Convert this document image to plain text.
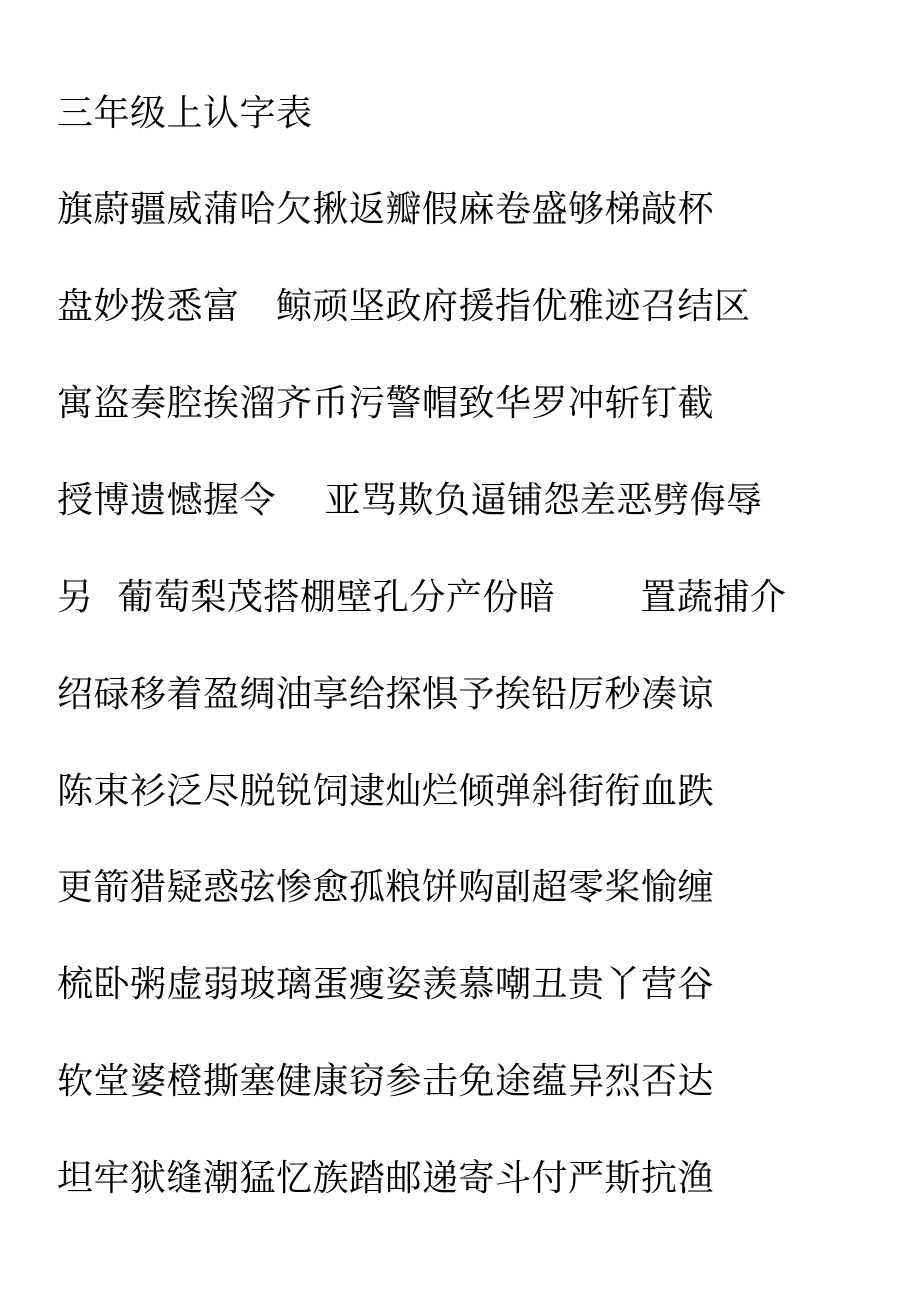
三年级上认字表

旗蔚疆威蒲哈欠揪返瓣假麻卷盛够梯敲杯

盘妙拨悉富　鲸顽坚政府援指优雅迹召结区

寓盗奏腔挨溜齐币污警帽致华罗冲斩钉截

授博遗憾握令　 亚骂欺负逼铺怨差恶劈侮辱

另  葡萄梨茂搭棚壁孔分产份暗　　 置蔬捕介

绍碌移着盈绸油享给探惧予挨铅厉秒凑谅

陈束衫泛尽脱锐饲逮灿烂倾弹斜街衔血跌

更箭猎疑惑弦惨愈孤粮饼购副超零桨愉缠

梳卧粥虚弱玻璃蛋瘦姿羡慕嘲丑贵丫营谷

软堂婆橙撕塞健康窃参击免途蕴异烈否达

坦牢狱缝潮猛忆族踏邮递寄斗付严斯抗渔
